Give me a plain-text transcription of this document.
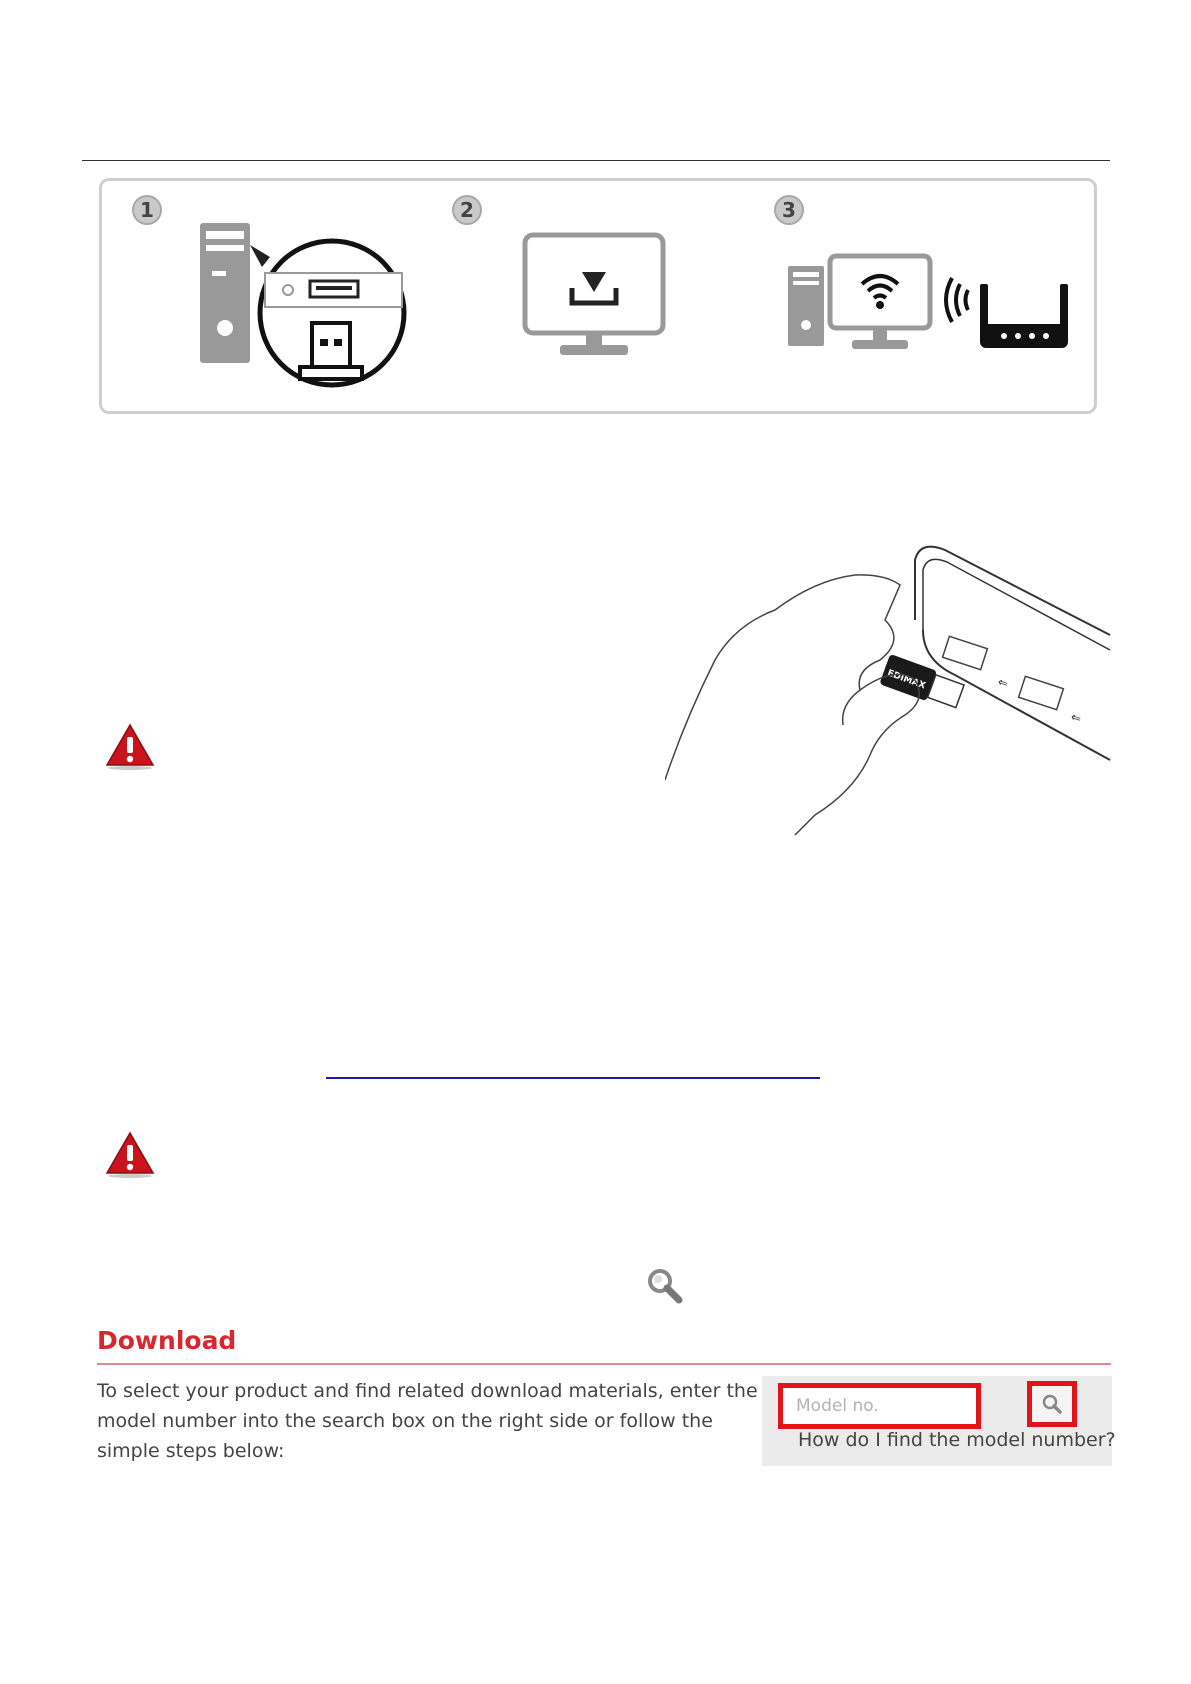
1	2	3
⇐
⇐
EDIMAX
Download
To select your product and find related download materials, enter the model number into the search box on the right side or follow the simple steps below:
Model no.	How do I find the model number?
